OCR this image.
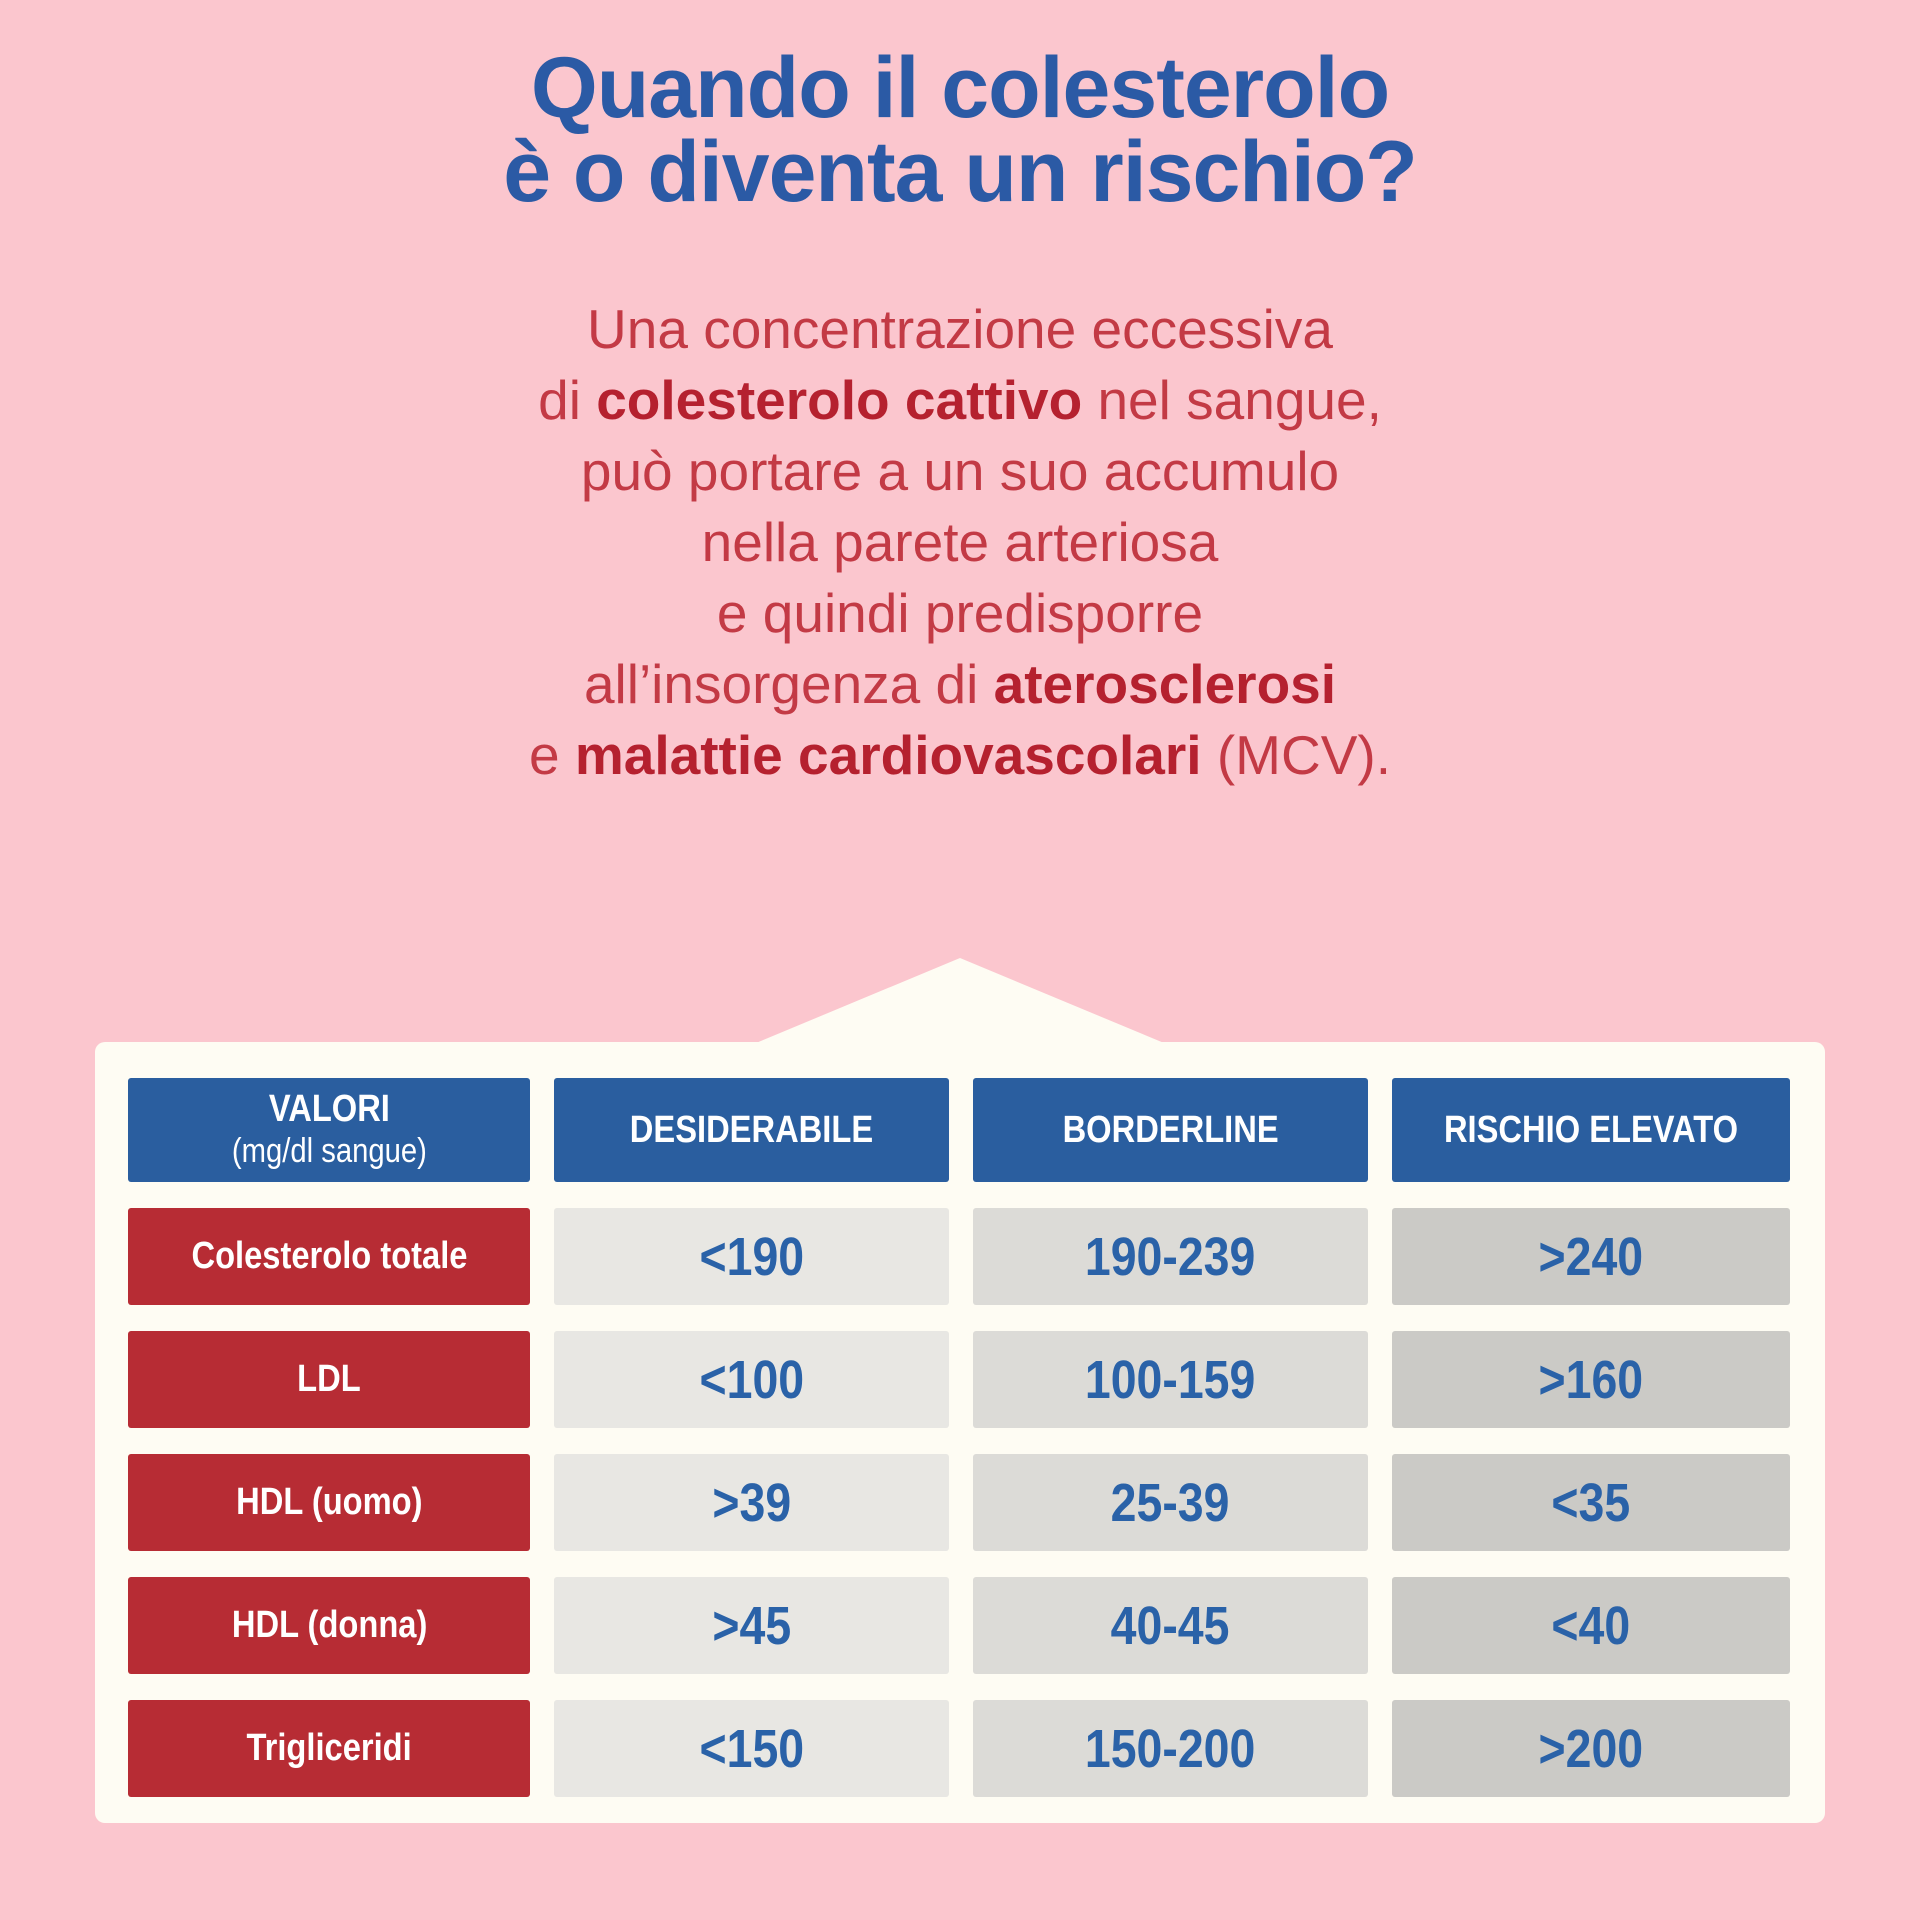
Quando il colesterolo
è o diventa un rischio?
Una concentrazione eccessiva
di colesterolo cattivo nel sangue,
può portare a un suo accumulo
nella parete arteriosa
e quindi predisporre
all’insorgenza di aterosclerosi
e malattie cardiovascolari (MCV).
VALORI
(mg/dl sangue)	DESIDERABILE	BORDERLINE	RISCHIO ELEVATO
Colesterolo totale	<190	190-239	>240
LDL	<100	100-159	>160
HDL (uomo)	>39	25-39	<35
HDL (donna)	>45	40-45	<40
Trigliceridi	<150	150-200	>200
